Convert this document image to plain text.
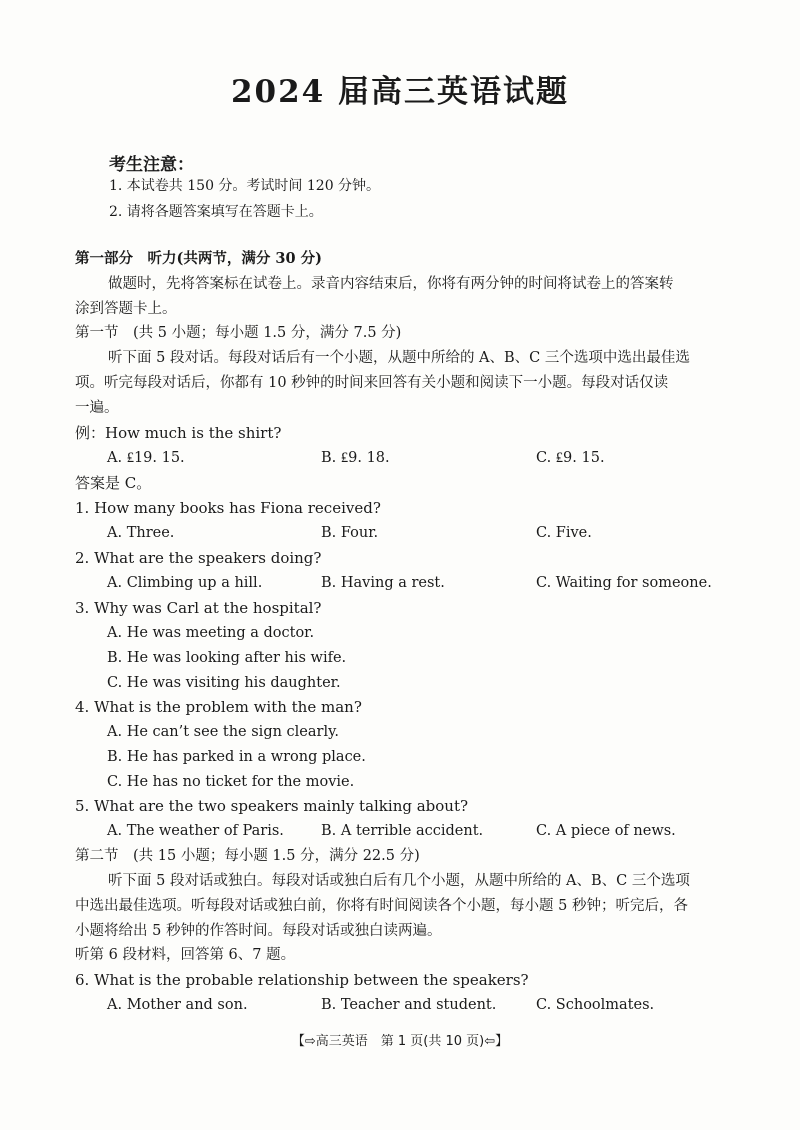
2024 届高三英语试题
考生注意：
1. 本试卷共 150 分。考试时间 120 分钟。
2. 请将各题答案填写在答题卡上。
第一部分　听力(共两节，满分 30 分)
做题时，先将答案标在试卷上。录音内容结束后，你将有两分钟的时间将试卷上的答案转
涂到答题卡上。
第一节　(共 5 小题；每小题 1.5 分，满分 7.5 分)
听下面 5 段对话。每段对话后有一个小题，从题中所给的 A、B、C 三个选项中选出最佳选
项。听完每段对话后，你都有 10 秒钟的时间来回答有关小题和阅读下一小题。每段对话仅读
一遍。
例：How much is the shirt?
A. ₤19. 15.	B. ₤9. 18.	C. ₤9. 15.
答案是 C。
1. How many books has Fiona received?
A. Three.	B. Four.	C. Five.
2. What are the speakers doing?
A. Climbing up a hill.	B. Having a rest.	C. Waiting for someone.
3. Why was Carl at the hospital?
A. He was meeting a doctor.
B. He was looking after his wife.
C. He was visiting his daughter.
4. What is the problem with the man?
A. He can’t see the sign clearly.
B. He has parked in a wrong place.
C. He has no ticket for the movie.
5. What are the two speakers mainly talking about?
A. The weather of Paris.	B. A terrible accident.	C. A piece of news.
第二节　(共 15 小题；每小题 1.5 分，满分 22.5 分)
听下面 5 段对话或独白。每段对话或独白后有几个小题，从题中所给的 A、B、C 三个选项
中选出最佳选项。听每段对话或独白前，你将有时间阅读各个小题，每小题 5 秒钟；听完后，各
小题将给出 5 秒钟的作答时间。每段对话或独白读两遍。
听第 6 段材料，回答第 6、7 题。
6. What is the probable relationship between the speakers?
A. Mother and son.	B. Teacher and student.	C. Schoolmates.
【⇨高三英语　第 1 页(共 10 页)⇦】
